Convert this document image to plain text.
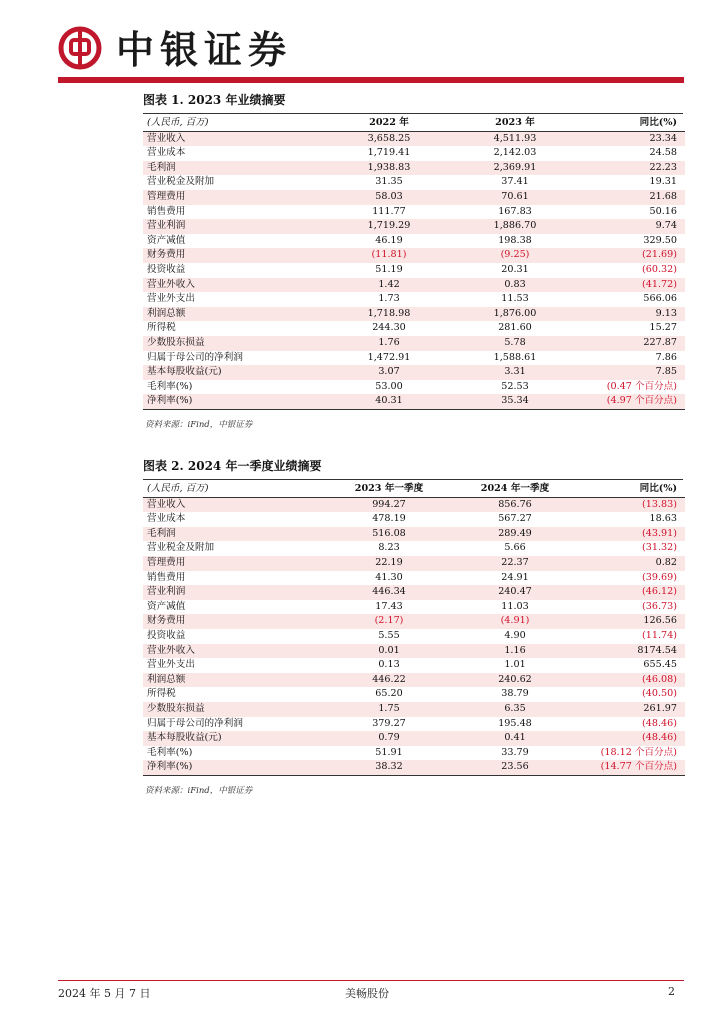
中银证券
图表 1. 2023 年业绩摘要
(人民币, 百万)	2022 年	2023 年	同比(%)
营业收入	3,658.25	4,511.93	23.34
营业成本	1,719.41	2,142.03	24.58
毛利润	1,938.83	2,369.91	22.23
营业税金及附加	31.35	37.41	19.31
管理费用	58.03	70.61	21.68
销售费用	111.77	167.83	50.16
营业利润	1,719.29	1,886.70	9.74
资产减值	46.19	198.38	329.50
财务费用	(11.81)	(9.25)	(21.69)
投资收益	51.19	20.31	(60.32)
营业外收入	1.42	0.83	(41.72)
营业外支出	1.73	11.53	566.06
利润总额	1,718.98	1,876.00	9.13
所得税	244.30	281.60	15.27
少数股东损益	1.76	5.78	227.87
归属于母公司的净利润	1,472.91	1,588.61	7.86
基本每股收益(元)	3.07	3.31	7.85
毛利率(%)	53.00	52.53	(0.47 个百分点)
净利率(%)	40.31	35.34	(4.97 个百分点)
资料来源：iFind，中银证券
图表 2. 2024 年一季度业绩摘要
(人民币, 百万)	2023 年一季度	2024 年一季度	同比(%)
营业收入	994.27	856.76	(13.83)
营业成本	478.19	567.27	18.63
毛利润	516.08	289.49	(43.91)
营业税金及附加	8.23	5.66	(31.32)
管理费用	22.19	22.37	0.82
销售费用	41.30	24.91	(39.69)
营业利润	446.34	240.47	(46.12)
资产减值	17.43	11.03	(36.73)
财务费用	(2.17)	(4.91)	126.56
投资收益	5.55	4.90	(11.74)
营业外收入	0.01	1.16	8174.54
营业外支出	0.13	1.01	655.45
利润总额	446.22	240.62	(46.08)
所得税	65.20	38.79	(40.50)
少数股东损益	1.75	6.35	261.97
归属于母公司的净利润	379.27	195.48	(48.46)
基本每股收益(元)	0.79	0.41	(48.46)
毛利率(%)	51.91	33.79	(18.12 个百分点)
净利率(%)	38.32	23.56	(14.77 个百分点)
资料来源：iFind，中银证券
2024 年 5 月 7 日	美畅股份	2
